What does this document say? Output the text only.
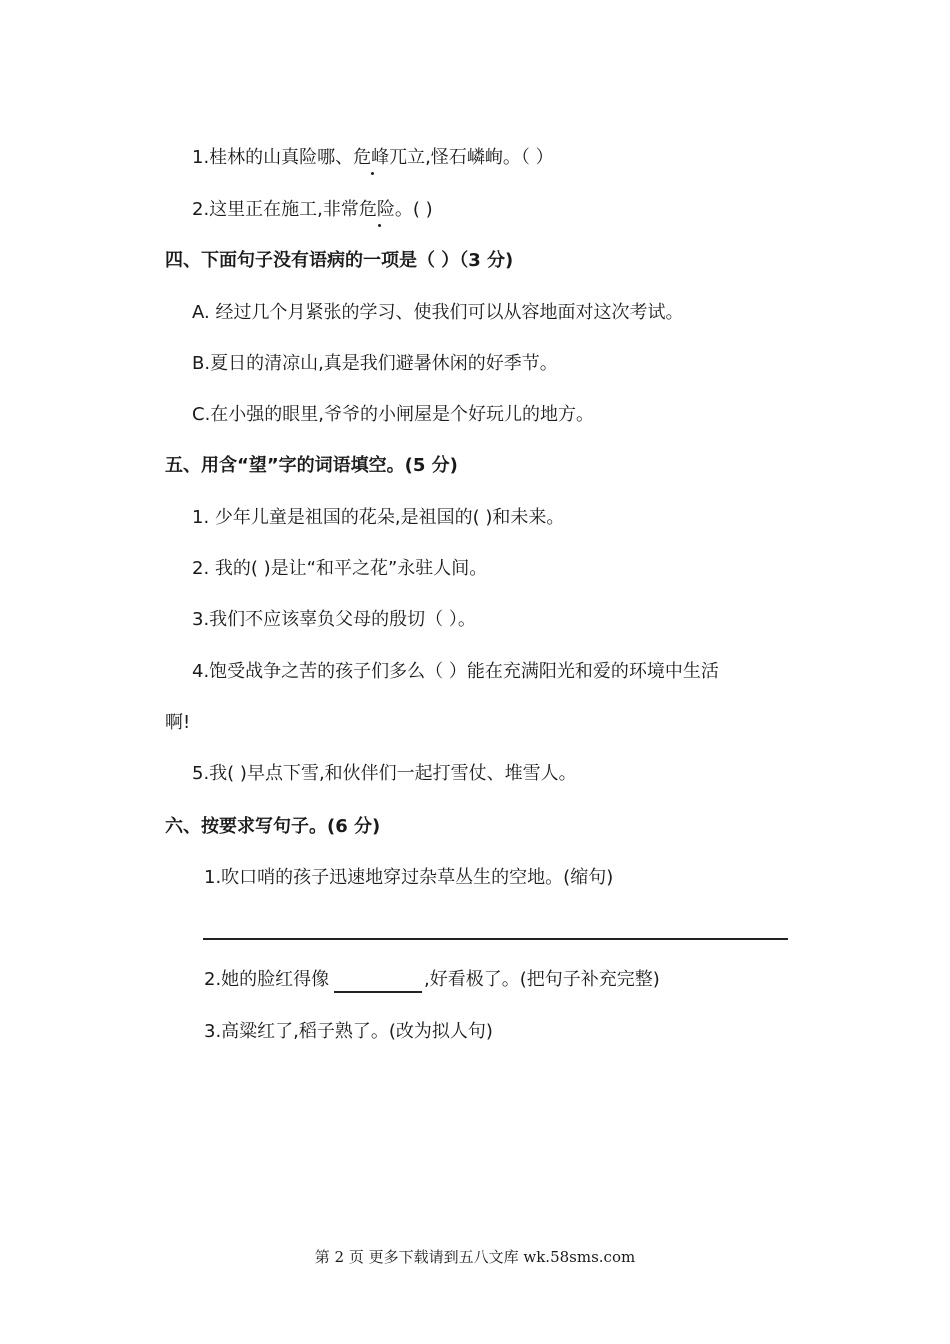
1.桂林的山真险哪、危峰兀立,怪石嶙峋。（ ）
2.这里正在施工,非常危险。( )
四、下面句子没有语病的一项是（ ）（3 分)
A. 经过几个月紧张的学习、使我们可以从容地面对这次考试。
B.夏日的清凉山,真是我们避暑休闲的好季节。
C.在小强的眼里,爷爷的小闸屋是个好玩儿的地方。
五、用含“望”字的词语填空。(5 分)
1. 少年儿童是祖国的花朵,是祖国的( )和未来。
2. 我的( )是让“和平之花”永驻人间。
3.我们不应该辜负父母的殷切（ ）。
4.饱受战争之苦的孩子们多么（ ）能在充满阳光和爱的环境中生活
啊!
5.我( )早点下雪,和伙伴们一起打雪仗、堆雪人。
六、按要求写句子。(6 分)
1.吹口哨的孩子迅速地穿过杂草丛生的空地。(缩句)
2.她的脸红得像	,好看极了。(把句子补充完整)
3.高粱红了,稻子熟了。(改为拟人句)
第 2 页 更多下载请到五八文库 wk.58sms.com
